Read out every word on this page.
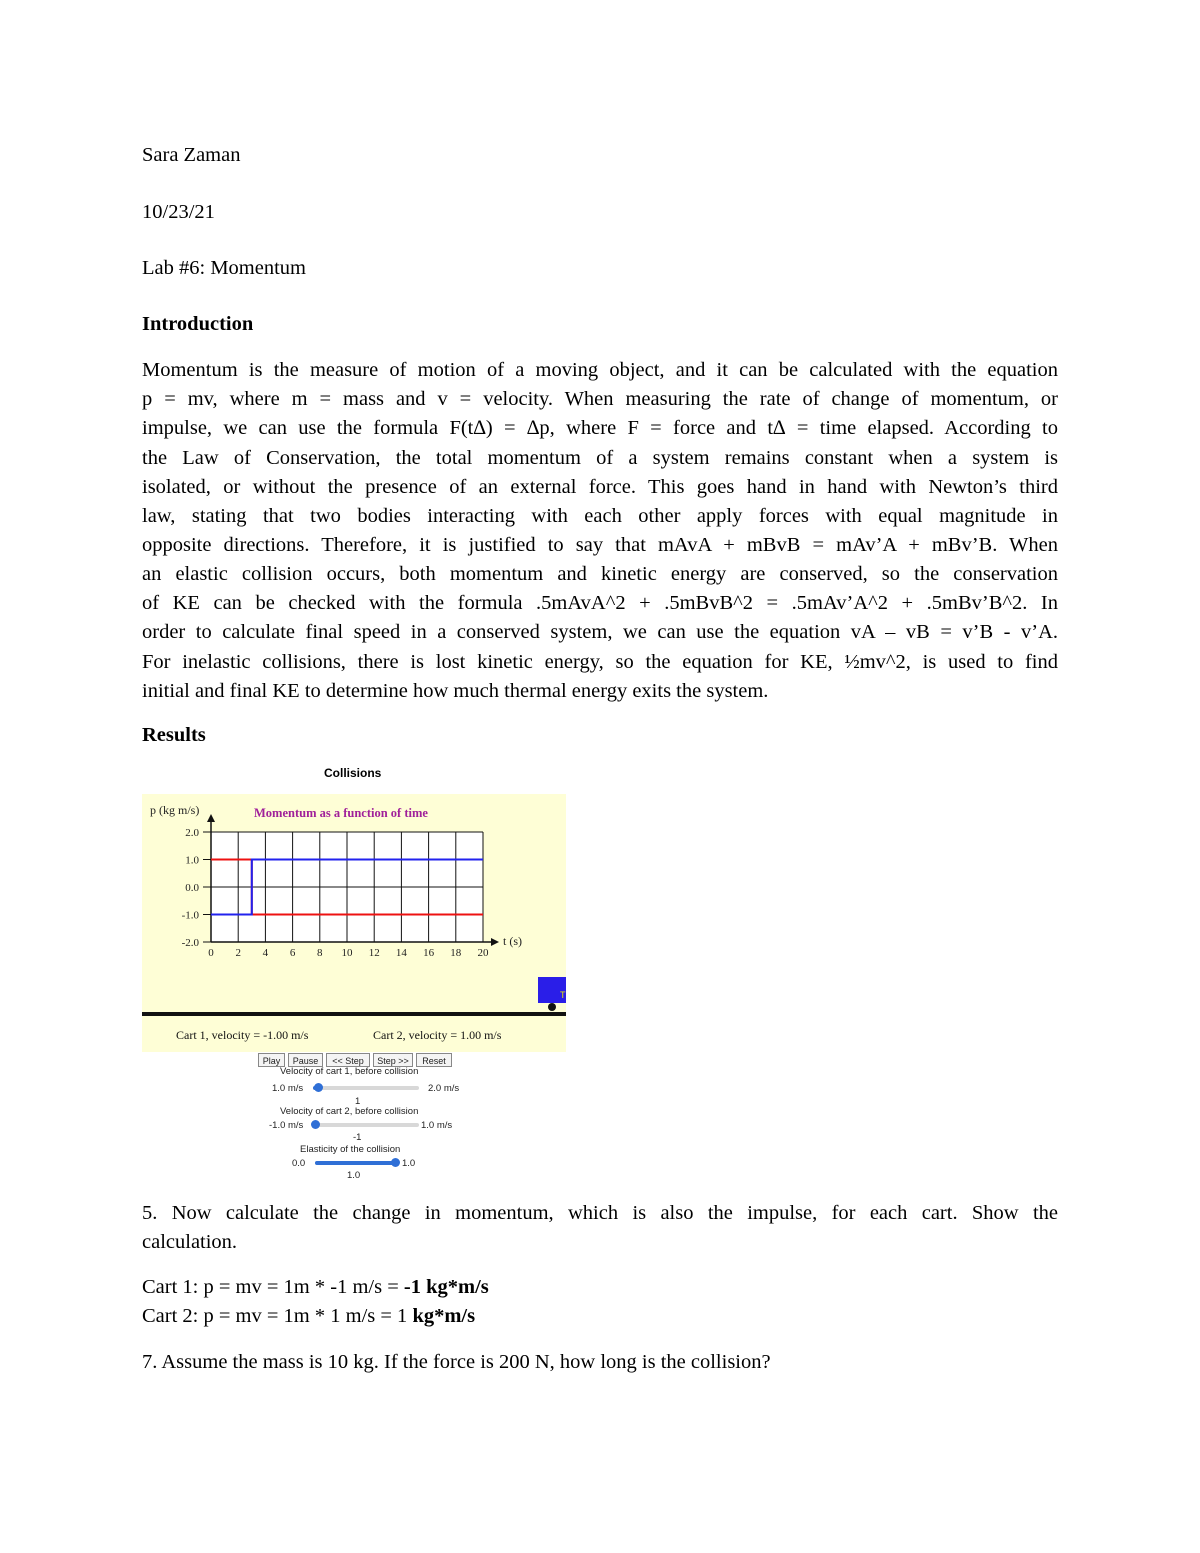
Sara Zaman
10/23/21
Lab #6: Momentum
Introduction
Momentum is the measure of motion of a moving object, and it can be calculated with the equation
p = mv, where m = mass and v = velocity. When measuring the rate of change of momentum, or
impulse, we can use the formula F(t∆) = ∆p, where F = force and t∆ = time elapsed. According to
the Law of Conservation, the total momentum of a system remains constant when a system is
isolated, or without the presence of an external force. This goes hand in hand with Newton’s third
law, stating that two bodies interacting with each other apply forces with equal magnitude in
opposite directions. Therefore, it is justified to say that mAvA + mBvB = mAv’A + mBv’B. When
an elastic collision occurs, both momentum and kinetic energy are conserved, so the conservation
of KE can be checked with the formula .5mAvA^2 + .5mBvB^2 = .5mAv’A^2 + .5mBv’B^2. In
order to calculate final speed in a conserved system, we can use the equation vA – vB = v’B - v’A.
For inelastic collisions, there is lost kinetic energy, so the equation for KE, ½mv^2, is used to find
initial and final KE to determine how much thermal energy exits the system.
Results
Collisions
p (kg m/s)	Momentum as a function of time
0 2 4 6 8 10 12 14 16 18 20
2.0
1.0
0.0
-1.0
-2.0	t (s)
T
Cart 1, velocity = -1.00 m/s	Cart 2, velocity = 1.00 m/s
Play	Pause	<< Step	Step >>	Reset
Velocity of cart 1, before collision
1.0 m/s	2.0 m/s
1
Velocity of cart 2, before collision
-1.0 m/s	1.0 m/s
-1
Elasticity of the collision
0.0	1.0
1.0
5. Now calculate the change in momentum, which is also the impulse, for each cart. Show the
calculation.
Cart 1: p = mv = 1m * -1 m/s = -1 kg*m/s
Cart 2: p = mv = 1m * 1 m/s = 1 kg*m/s
7. Assume the mass is 10 kg. If the force is 200 N, how long is the collision?
